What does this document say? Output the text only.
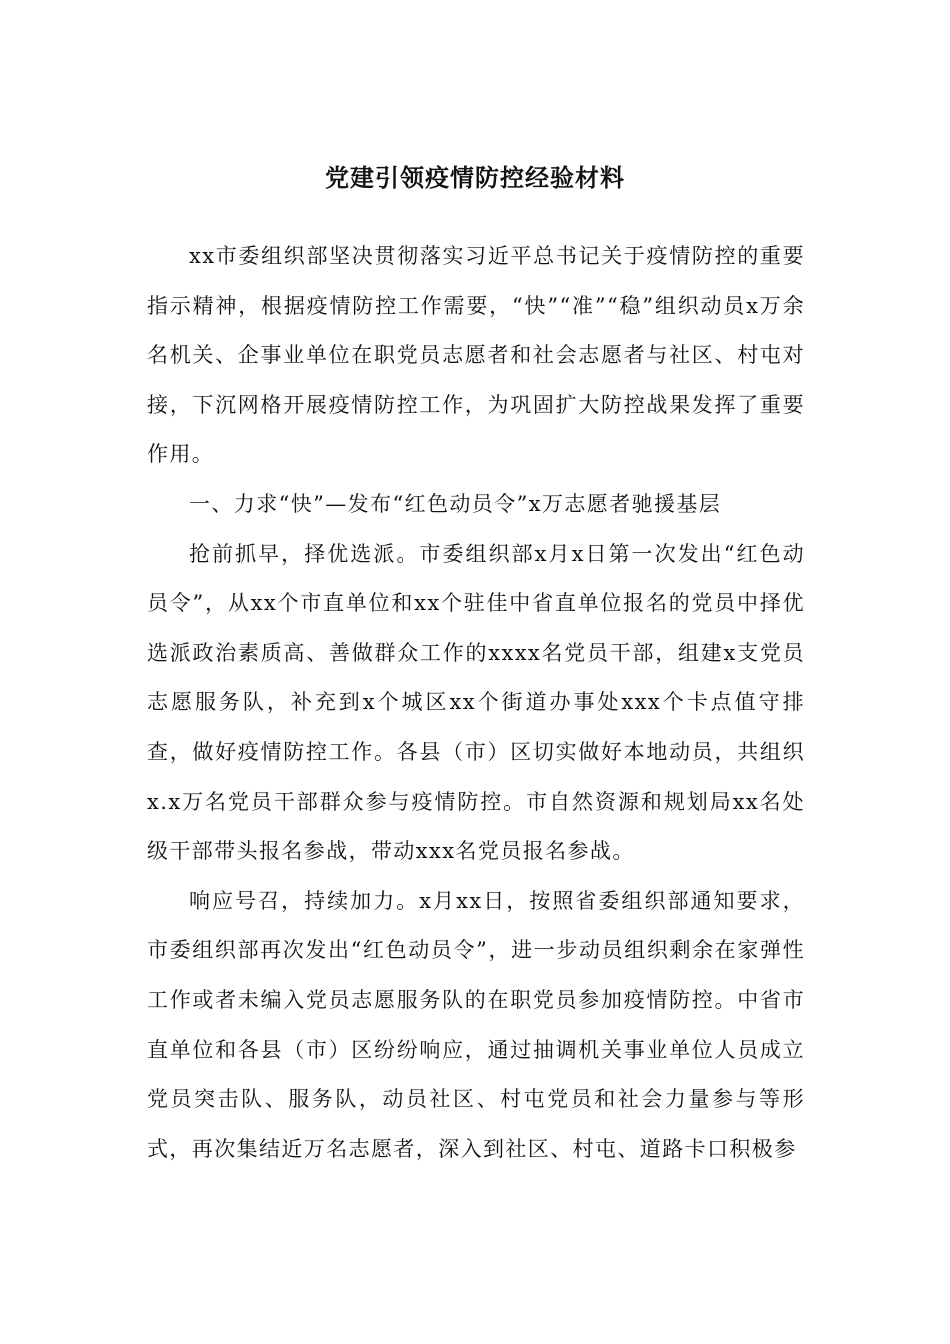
党建引领疫情防控经验材料

xx市委组织部坚决贯彻落实习近平总书记关于疫情防控的重要指示精神，根据疫情防控工作需要，“快”“准”“稳”组织动员x万余名机关、企事业单位在职党员志愿者和社会志愿者与社区、村屯对接，下沉网格开展疫情防控工作，为巩固扩大防控战果发挥了重要作用。

一、力求“快”—发布“红色动员令”x万志愿者驰援基层

抢前抓早，择优选派。市委组织部x月x日第一次发出“红色动员令”，从xx个市直单位和xx个驻佳中省直单位报名的党员中择优选派政治素质高、善做群众工作的xxxx名党员干部，组建x支党员志愿服务队，补充到x个城区xx个街道办事处xxx个卡点值守排查，做好疫情防控工作。各县（市）区切实做好本地动员，共组织x.x万名党员干部群众参与疫情防控。市自然资源和规划局xx名处级干部带头报名参战，带动xxx名党员报名参战。

响应号召，持续加力。x月xx日，按照省委组织部通知要求，市委组织部再次发出“红色动员令”，进一步动员组织剩余在家弹性工作或者未编入党员志愿服务队的在职党员参加疫情防控。中省市直单位和各县（市）区纷纷响应，通过抽调机关事业单位人员成立党员突击队、服务队，动员社区、村屯党员和社会力量参与等形式，再次集结近万名志愿者，深入到社区、村屯、道路卡口积极参
